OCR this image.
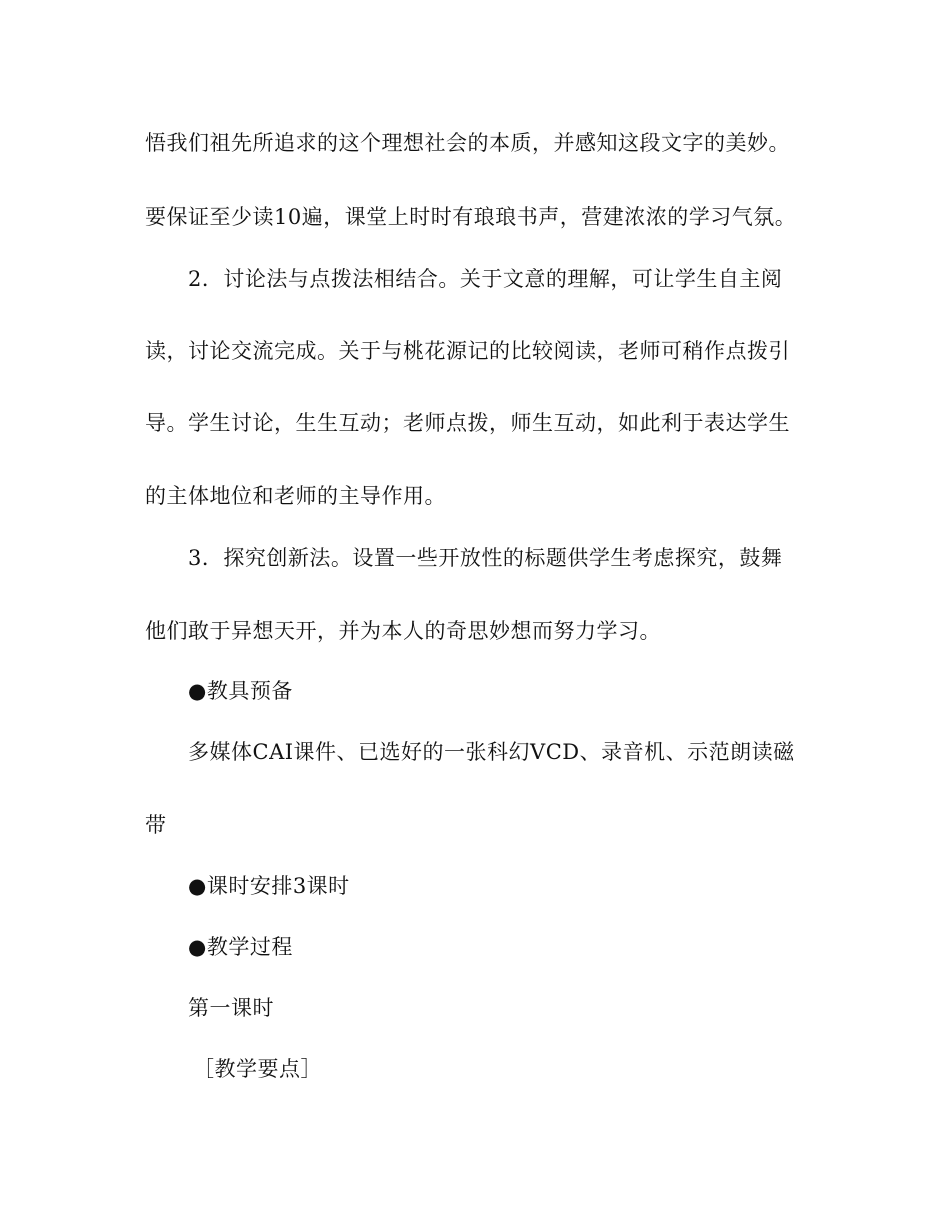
悟我们祖先所追求的这个理想社会的本质，并感知这段文字的美妙。
要保证至少读10遍，课堂上时时有琅琅书声，营建浓浓的学习气氛。
2．讨论法与点拨法相结合。关于文意的理解，可让学生自主阅
读，讨论交流完成。关于与桃花源记的比较阅读，老师可稍作点拨引
导。学生讨论，生生互动；老师点拨，师生互动，如此利于表达学生
的主体地位和老师的主导作用。
3．探究创新法。设置一些开放性的标题供学生考虑探究，鼓舞
他们敢于异想天开，并为本人的奇思妙想而努力学习。
●教具预备
多媒体CAI课件、已选好的一张科幻VCD、录音机、示范朗读磁
带
●课时安排3课时
●教学过程
第一课时
［教学要点］
